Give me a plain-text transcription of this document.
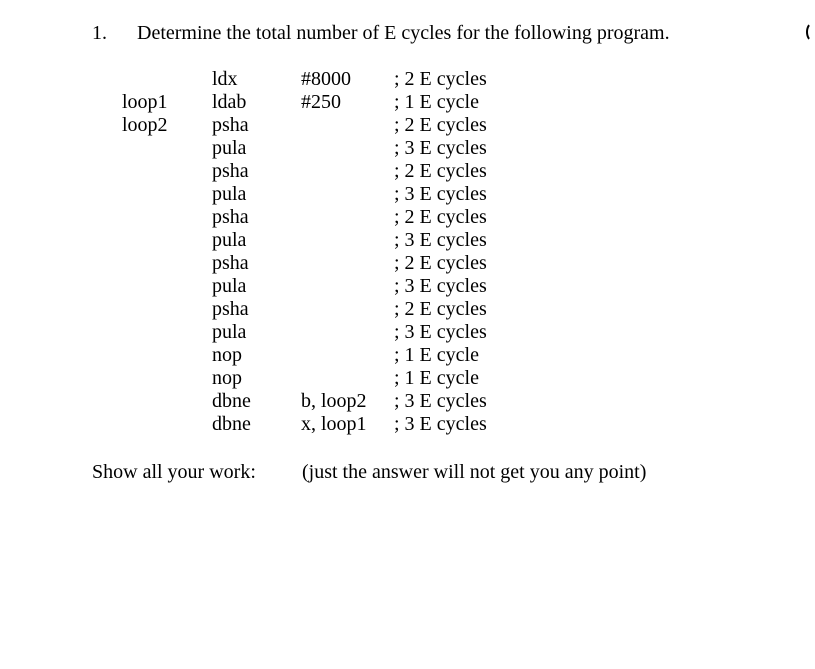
1. Determine the total number of E cycles for the following program.
ldx	#8000 ; 2 E cycles
loop1 ldab	#250	; 1 E cycle
loop2 psha	; 2 E cycles
pula	; 3 E cycles
psha	; 2 E cycles
pula	; 3 E cycles
psha	; 2 E cycles
pula	; 3 E cycles
psha	; 2 E cycles
pula	; 3 E cycles
psha	; 2 E cycles
pula	; 3 E cycles
nop	; 1 E cycle
nop	; 1 E cycle
dbne	b, loop2 ; 3 E cycles
dbne	x, loop1 ; 3 E cycles
Show all your work: (just the answer will not get you any point)
